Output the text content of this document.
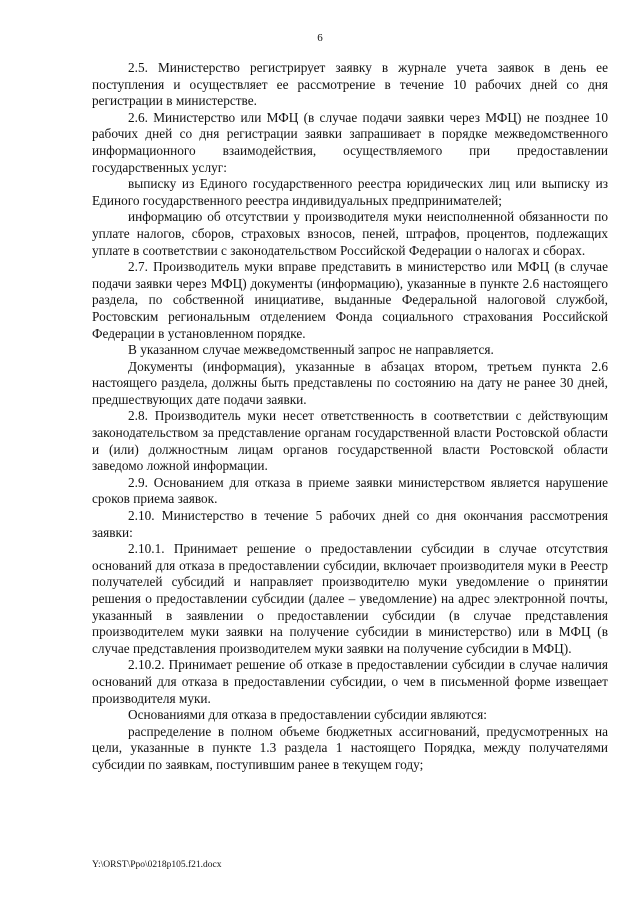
6

2.5. Министерство регистрирует заявку в журнале учета заявок в день ее поступления и осуществляет ее рассмотрение в течение 10 рабочих дней со дня регистрации в министерстве.

2.6. Министерство или МФЦ (в случае подачи заявки через МФЦ) не позднее 10 рабочих дней со дня регистрации заявки запрашивает в порядке межведомственного информационного взаимодействия, осуществляемого при предоставлении государственных услуг:

выписку из Единого государственного реестра юридических лиц или выписку из Единого государственного реестра индивидуальных предпринимателей;

информацию об отсутствии у производителя муки неисполненной обязанности по уплате налогов, сборов, страховых взносов, пеней, штрафов, процентов, подлежащих уплате в соответствии с законодательством Российской Федерации о налогах и сборах.

2.7. Производитель муки вправе представить в министерство или МФЦ (в случае подачи заявки через МФЦ) документы (информацию), указанные в пункте 2.6 настоящего раздела, по собственной инициативе, выданные Федеральной налоговой службой, Ростовским региональным отделением Фонда социального страхования Российской Федерации в установленном порядке.

В указанном случае межведомственный запрос не направляется.

Документы (информация), указанные в абзацах втором, третьем пункта 2.6 настоящего раздела, должны быть представлены по состоянию на дату не ранее 30 дней, предшествующих дате подачи заявки.

2.8. Производитель муки несет ответственность в соответствии с действующим законодательством за представление органам государственной власти Ростовской области и (или) должностным лицам органов государственной власти Ростовской области заведомо ложной информации.

2.9. Основанием для отказа в приеме заявки министерством является нарушение сроков приема заявок.

2.10. Министерство в течение 5 рабочих дней со дня окончания рассмотрения заявки:

2.10.1. Принимает решение о предоставлении субсидии в случае отсутствия оснований для отказа в предоставлении субсидии, включает производителя муки в Реестр получателей субсидий и направляет производителю муки уведомление о принятии решения о предоставлении субсидии (далее – уведомление) на адрес электронной почты, указанный в заявлении о предоставлении субсидии (в случае представления производителем муки заявки на получение субсидии в министерство) или в МФЦ (в случае представления производителем муки заявки на получение субсидии в МФЦ).

2.10.2. Принимает решение об отказе в предоставлении субсидии в случае наличия оснований для отказа в предоставлении субсидии, о чем в письменной форме извещает производителя муки.

Основаниями для отказа в предоставлении субсидии являются:

распределение в полном объеме бюджетных ассигнований, предусмотренных на цели, указанные в пункте 1.3 раздела 1 настоящего Порядка, между получателями субсидии по заявкам, поступившим ранее в текущем году;

Y:\ORST\Ppo\0218p105.f21.docx
